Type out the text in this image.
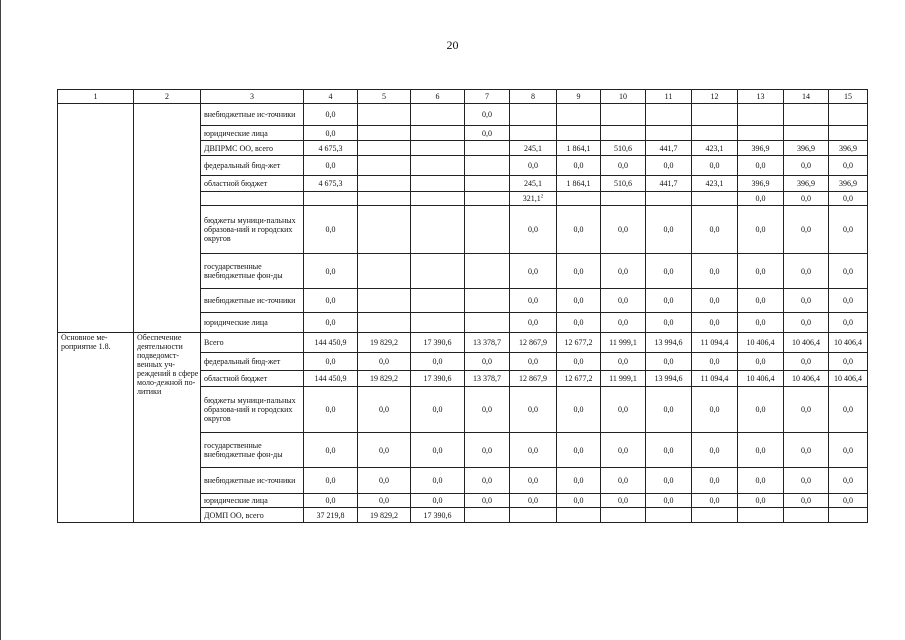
20
1	2	3	4	5	6	7	8	9	10	11	12	13	14	15
		внебюджетные ис-точники	0,0			0,0								
		юридические лица	0,0			0,0								
		ДВПРМС ОО, всего	4 675,3				245,1	1 864,1	510,6	441,7	423,1	396,9	396,9	396,9
		федеральный бюд-жет	0,0				0,0	0,0	0,0	0,0	0,0	0,0	0,0	0,0
		областной бюджет	4 675,3				245,1	1 864,1	510,6	441,7	423,1	396,9	396,9	396,9
							321,1$^2$					0,0	0,0	0,0
		бюджеты муници-пальных образова-ний и городских округов	0,0				0,0	0,0	0,0	0,0	0,0	0,0	0,0	0,0
		государственные внебюджетные фон-ды	0,0				0,0	0,0	0,0	0,0	0,0	0,0	0,0	0,0
		внебюджетные ис-точники	0,0				0,0	0,0	0,0	0,0	0,0	0,0	0,0	0,0
		юридические лица	0,0				0,0	0,0	0,0	0,0	0,0	0,0	0,0	0,0
Основное ме-роприятие 1.8.	Обеспечение деятельности подведомст-венных уч-реждений в сфере моло-дежной по-литики	Всего	144 450,9	19 829,2	17 390,6	13 378,7	12 867,9	12 677,2	11 999,1	13 994,6	11 094,4	10 406,4	10 406,4	10 406,4
		федеральный бюд-жет	0,0	0,0	0,0	0,0	0,0	0,0	0,0	0,0	0,0	0,0	0,0	0,0
		областной бюджет	144 450,9	19 829,2	17 390,6	13 378,7	12 867,9	12 677,2	11 999,1	13 994,6	11 094,4	10 406,4	10 406,4	10 406,4
		бюджеты муници-пальных образова-ний и городских округов	0,0	0,0	0,0	0,0	0,0	0,0	0,0	0,0	0,0	0,0	0,0	0,0
		государственные внебюджетные фон-ды	0,0	0,0	0,0	0,0	0,0	0,0	0,0	0,0	0,0	0,0	0,0	0,0
		внебюджетные ис-точники	0,0	0,0	0,0	0,0	0,0	0,0	0,0	0,0	0,0	0,0	0,0	0,0
		юридические лица	0,0	0,0	0,0	0,0	0,0	0,0	0,0	0,0	0,0	0,0	0,0	0,0
		ДОМП ОО, всего	37 219,8	19 829,2	17 390,6									
